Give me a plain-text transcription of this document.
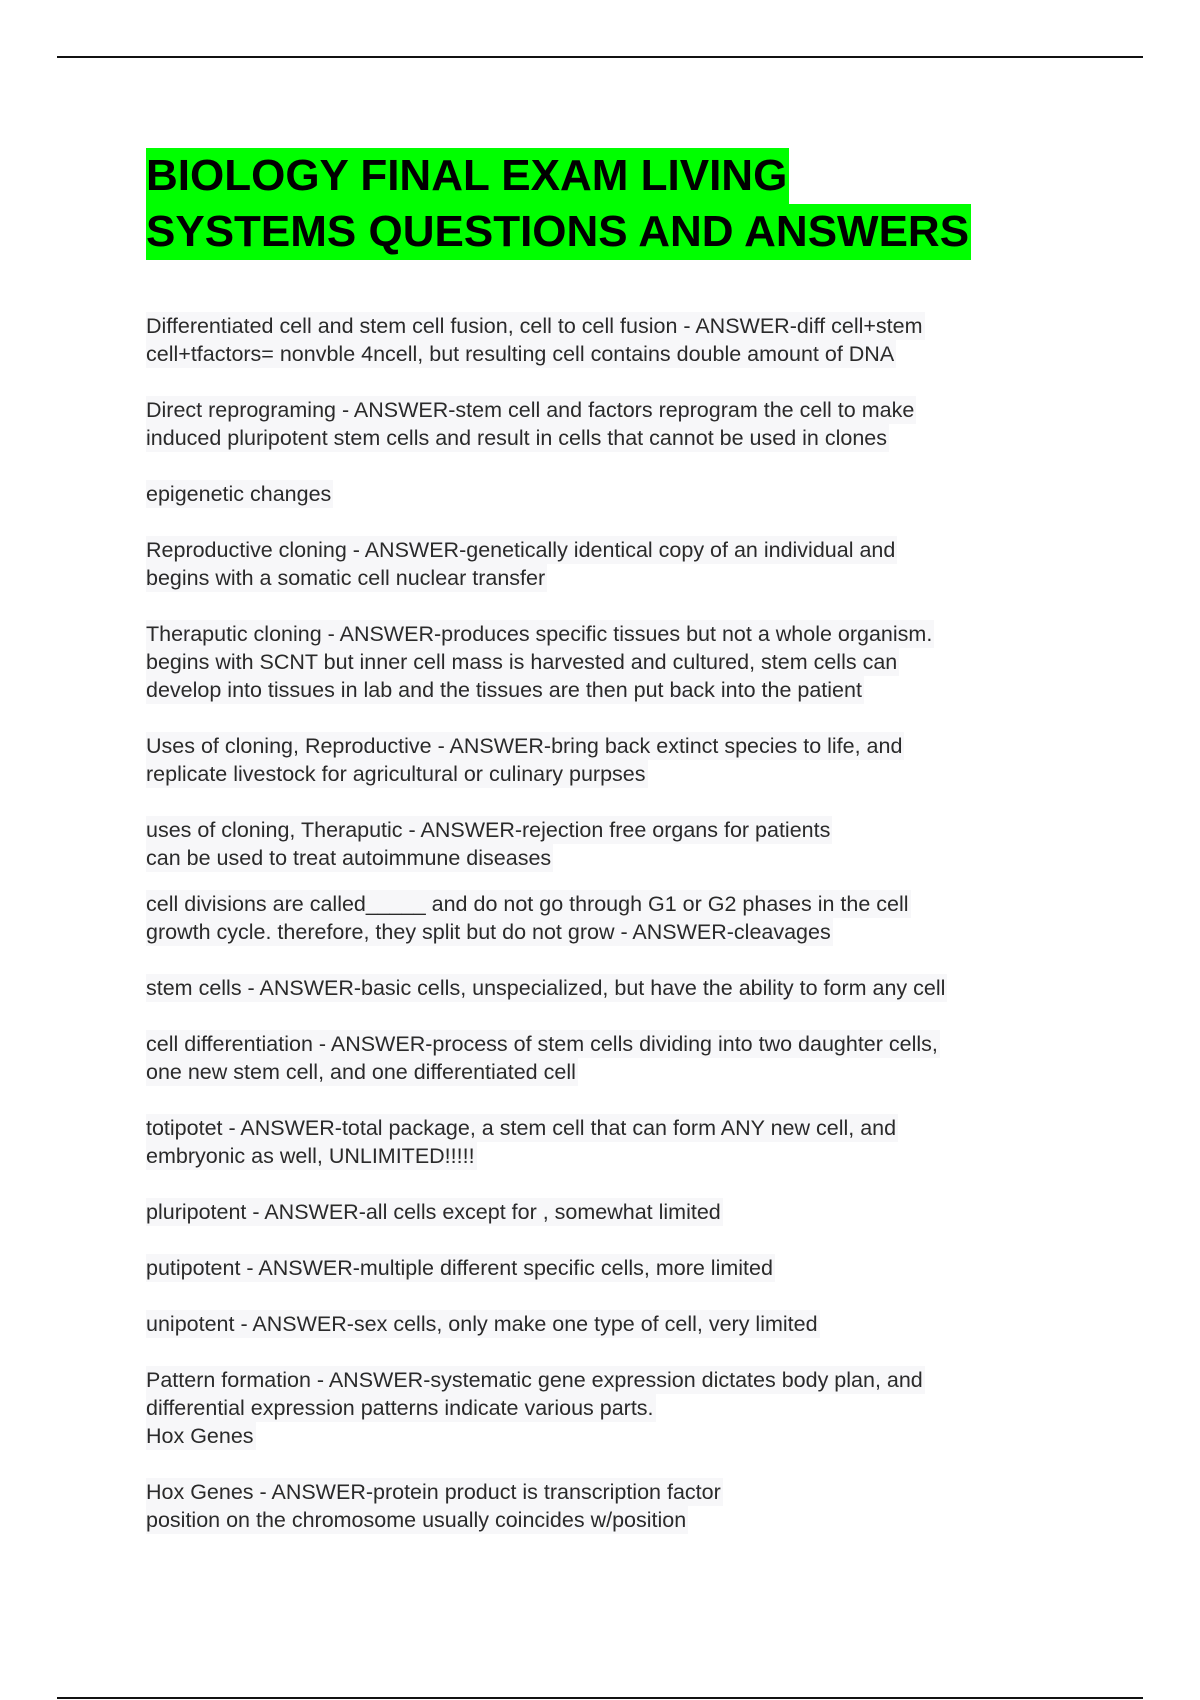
BIOLOGY FINAL EXAM LIVING
SYSTEMS QUESTIONS AND ANSWERS

Differentiated cell and stem cell fusion, cell to cell fusion - ANSWER-diff cell+stem
cell+tfactors= nonvble 4ncell, but resulting cell contains double amount of DNA

Direct reprograming - ANSWER-stem cell and factors reprogram the cell to make
induced pluripotent stem cells and result in cells that cannot be used in clones

epigenetic changes

Reproductive cloning - ANSWER-genetically identical copy of an individual and
begins with a somatic cell nuclear transfer

Theraputic cloning - ANSWER-produces specific tissues but not a whole organism.
begins with SCNT but inner cell mass is harvested and cultured, stem cells can
develop into tissues in lab and the tissues are then put back into the patient

Uses of cloning, Reproductive - ANSWER-bring back extinct species to life, and
replicate livestock for agricultural or culinary purpses

uses of cloning, Theraputic - ANSWER-rejection free organs for patients
can be used to treat autoimmune diseases

cell divisions are called_____ and do not go through G1 or G2 phases in the cell
growth cycle. therefore, they split but do not grow - ANSWER-cleavages

stem cells - ANSWER-basic cells, unspecialized, but have the ability to form any cell

cell differentiation - ANSWER-process of stem cells dividing into two daughter cells,
one new stem cell, and one differentiated cell

totipotet - ANSWER-total package, a stem cell that can form ANY new cell, and
embryonic as well, UNLIMITED!!!!!

pluripotent - ANSWER-all cells except for , somewhat limited

putipotent - ANSWER-multiple different specific cells, more limited

unipotent - ANSWER-sex cells, only make one type of cell, very limited

Pattern formation - ANSWER-systematic gene expression dictates body plan, and
differential expression patterns indicate various parts.
Hox Genes

Hox Genes - ANSWER-protein product is transcription factor
position on the chromosome usually coincides w/position
